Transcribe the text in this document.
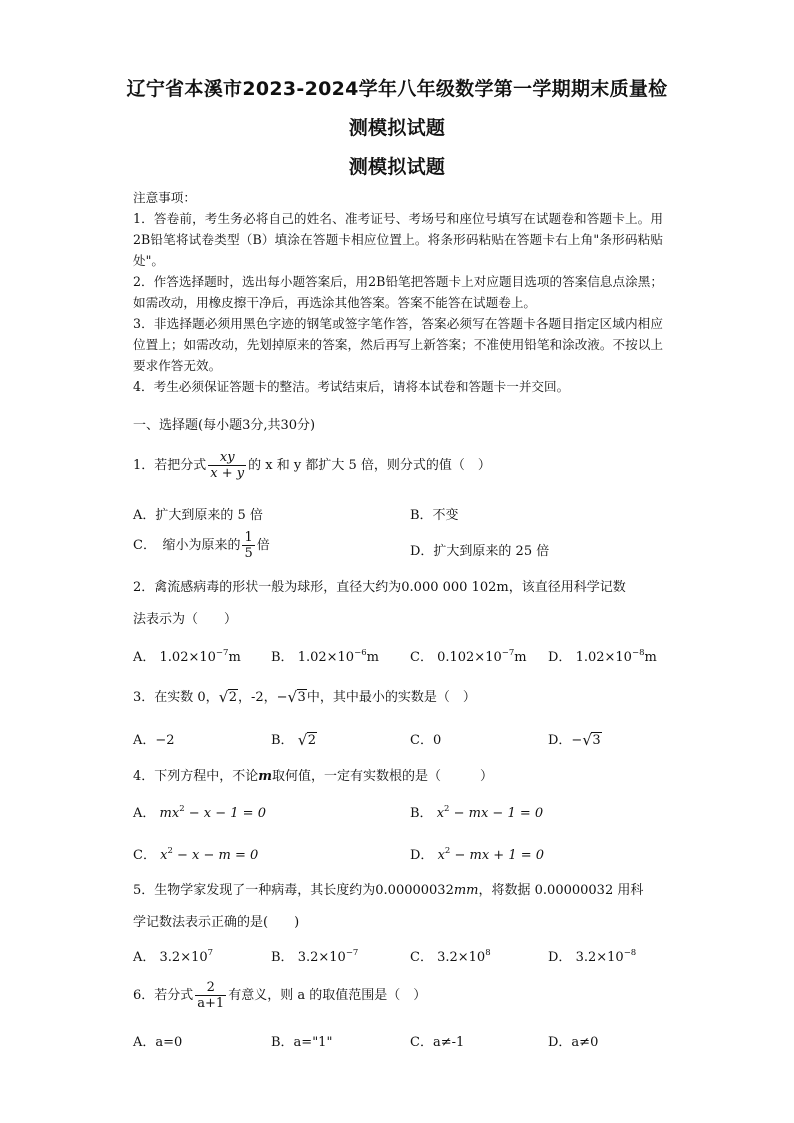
辽宁省本溪市2023-2024学年八年级数学第一学期期末质量检
测模拟试题
测模拟试题

注意事项：

1．答卷前，考生务必将自己的姓名、准考证号、考场号和座位号填写在试题卷和答题卡上。用2B铅笔将试卷类型（B）填涂在答题卡相应位置上。将条形码粘贴在答题卡右上角"条形码粘贴处"。

2．作答选择题时，选出每小题答案后，用2B铅笔把答题卡上对应题目选项的答案信息点涂黑；如需改动，用橡皮擦干净后，再选涂其他答案。答案不能答在试题卷上。

3．非选择题必须用黑色字迹的钢笔或签字笔作答，答案必须写在答题卡各题目指定区域内相应位置上；如需改动，先划掉原来的答案，然后再写上新答案；不准使用铅笔和涂改液。不按以上要求作答无效。

4．考生必须保证答题卡的整洁。考试结束后，请将本试卷和答题卡一并交回。

一、选择题(每小题3分,共30分)
1．若把分式 $\frac{xy}{x + y}$ 的 x 和 y 都扩大 5 倍，则分式的值（　）
A．扩大到原来的 5 倍	B．不变
C．　缩小为原来的 $\frac{1}{5}$ 倍	D．扩大到原来的 25 倍
2．禽流感病毒的形状一般为球形，直径大约为0.000 000 102m，该直径用科学记数
法表示为（　　）
A． $1.02\times 10^{-7}m$ B． $1.02\times 10^{-6}m$ C． $0.102\times 10^{-7}m$ D． $1.02\times 10^{-8}m$
3．在实数 0， √ 2，-2，− √ 3中，其中最小的实数是（　）
A．−2	B． √ 2	C．0	D．− √ 3
4．下列方程中，不论m取何值，一定有实数根的是（　　　）
A． $mx^2 - x - 1 = 0$	B． $x^2$ − mx − 1 = 0
C． $x^2 - x - m = 0$	D． $x^2$ − mx + 1 = 0
5．生物学家发现了一种病毒，其长度约为0.00000032mm，将数据 0.00000032 用科
学记数法表示正确的是(　　)
A． $3.2\times 10^7$	B． $3.2\times 10^{-7}$	C． $3.2\times 10^8$	D． $3.2\times 10^{-8}$
6．若分式 $\frac{2}{a+1}$ 有意义，则 a 的取值范围是（　）
A．a=0	B．a="1"	C．a≠-1	D．a≠0
